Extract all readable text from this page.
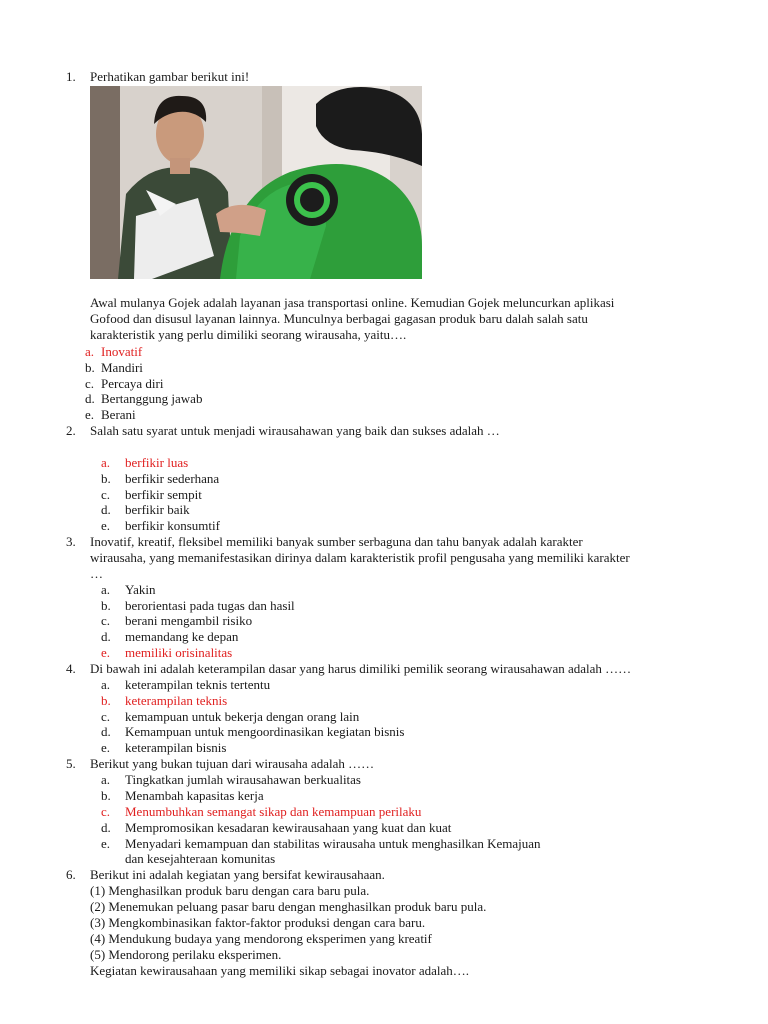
1. Perhatikan gambar berikut ini!
Awal mulanya Gojek adalah layanan jasa transportasi online. Kemudian Gojek meluncurkan aplikasi
Gofood dan disusul layanan lainnya. Munculnya berbagai gagasan produk baru dalah salah satu
karakteristik yang perlu dimiliki seorang wirausaha, yaitu….
a. Inovatif
b. Mandiri
c. Percaya diri
d. Bertanggung jawab
e. Berani
2. Salah satu syarat untuk menjadi wirausahawan yang baik dan sukses adalah …
a. berfikir luas
b. berfikir sederhana
c. berfikir sempit
d. berfikir baik
e. berfikir konsumtif
3. Inovatif, kreatif, fleksibel memiliki banyak sumber serbaguna dan tahu banyak adalah karakter
wirausaha, yang memanifestasikan dirinya dalam karakteristik profil pengusaha yang memiliki karakter
…
a. Yakin
b. berorientasi pada tugas dan hasil
c. berani mengambil risiko
d. memandang ke depan
e. memiliki orisinalitas
4. Di bawah ini adalah keterampilan dasar yang harus dimiliki pemilik seorang wirausahawan adalah ……
a. keterampilan teknis tertentu
b. keterampilan teknis
c. kemampuan untuk bekerja dengan orang lain
d. Kemampuan untuk mengoordinasikan kegiatan bisnis
e. keterampilan bisnis
5. Berikut yang bukan tujuan dari wirausaha adalah ……
a. Tingkatkan jumlah wirausahawan berkualitas
b. Menambah kapasitas kerja
c. Menumbuhkan semangat sikap dan kemampuan perilaku
d. Mempromosikan kesadaran kewirausahaan yang kuat dan kuat
e. Menyadari kemampuan dan stabilitas wirausaha untuk menghasilkan Kemajuan
dan kesejahteraan komunitas
6. Berikut ini adalah kegiatan yang bersifat kewirausahaan.
(1) Menghasilkan produk baru dengan cara baru pula.
(2) Menemukan peluang pasar baru dengan menghasilkan produk baru pula.
(3) Mengkombinasikan faktor-faktor produksi dengan cara baru.
(4) Mendukung budaya yang mendorong eksperimen yang kreatif
(5) Mendorong perilaku eksperimen.
Kegiatan kewirausahaan yang memiliki sikap sebagai inovator adalah….
